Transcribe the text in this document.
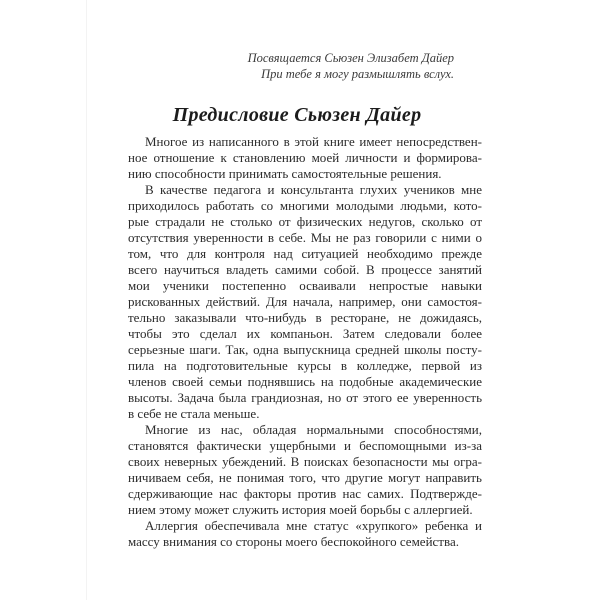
Посвящается Сьюзен Элизабет Дайер
При тебе я могу размышлять вслух.
Предисловие Сьюзен Дайер
Многое из написанного в этой книге имеет непосредствен-
ное отношение к становлению моей личности и формирова-
нию способности принимать самостоятельные решения.
В качестве педагога и консультанта глухих учеников мне
приходилось работать со многими молодыми людьми, кото-
рые страдали не столько от физических недугов, сколько от
отсутствия уверенности в себе. Мы не раз говорили с ними о
том, что для контроля над ситуацией необходимо прежде
всего научиться владеть самими собой. В процессе занятий
мои ученики постепенно осваивали непростые навыки
рискованных действий. Для начала, например, они самостоя-
тельно заказывали что-нибудь в ресторане, не дожидаясь,
чтобы это сделал их компаньон. Затем следовали более
серьезные шаги. Так, одна выпускница средней школы посту-
пила на подготовительные курсы в колледже, первой из
членов своей семьи поднявшись на подобные академические
высоты. Задача была грандиозная, но от этого ее уверенность
в себе не стала меньше.
Многие из нас, обладая нормальными способностями,
становятся фактически ущербными и беспомощными из-за
своих неверных убеждений. В поисках безопасности мы огра-
ничиваем себя, не понимая того, что другие могут направить
сдерживающие нас факторы против нас самих. Подтвержде-
нием этому может служить история моей борьбы с аллергией.
Аллергия обеспечивала мне статус «хрупкого» ребенка и
массу внимания со стороны моего беспокойного семейства.
